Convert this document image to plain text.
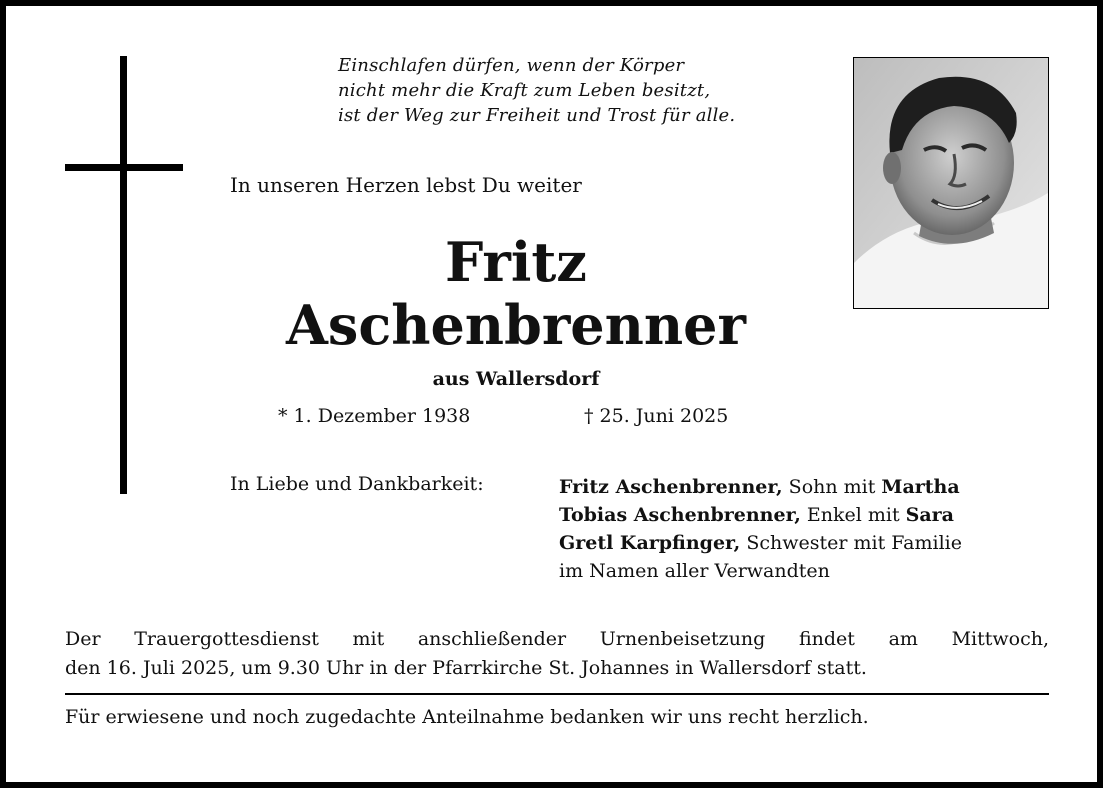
Einschlafen dürfen, wenn der Körper
nicht mehr die Kraft zum Leben besitzt,
ist der Weg zur Freiheit und Trost für alle.
In unseren Herzen lebst Du weiter
Fritz
Aschenbrenner
aus Wallersdorf
* 1. Dezember 1938	† 25. Juni 2025
In Liebe und Dankbarkeit:	Fritz Aschenbrenner, Sohn mit Martha
Tobias Aschenbrenner, Enkel mit Sara
Gretl Karpfinger, Schwester mit Familie
im Namen aller Verwandten
Der Trauergottesdienst mit anschließender Urnenbeisetzung findet am Mittwoch,
den 16. Juli 2025, um 9.30 Uhr in der Pfarrkirche St. Johannes in Wallersdorf statt.
Für erwiesene und noch zugedachte Anteilnahme bedanken wir uns recht herzlich.
